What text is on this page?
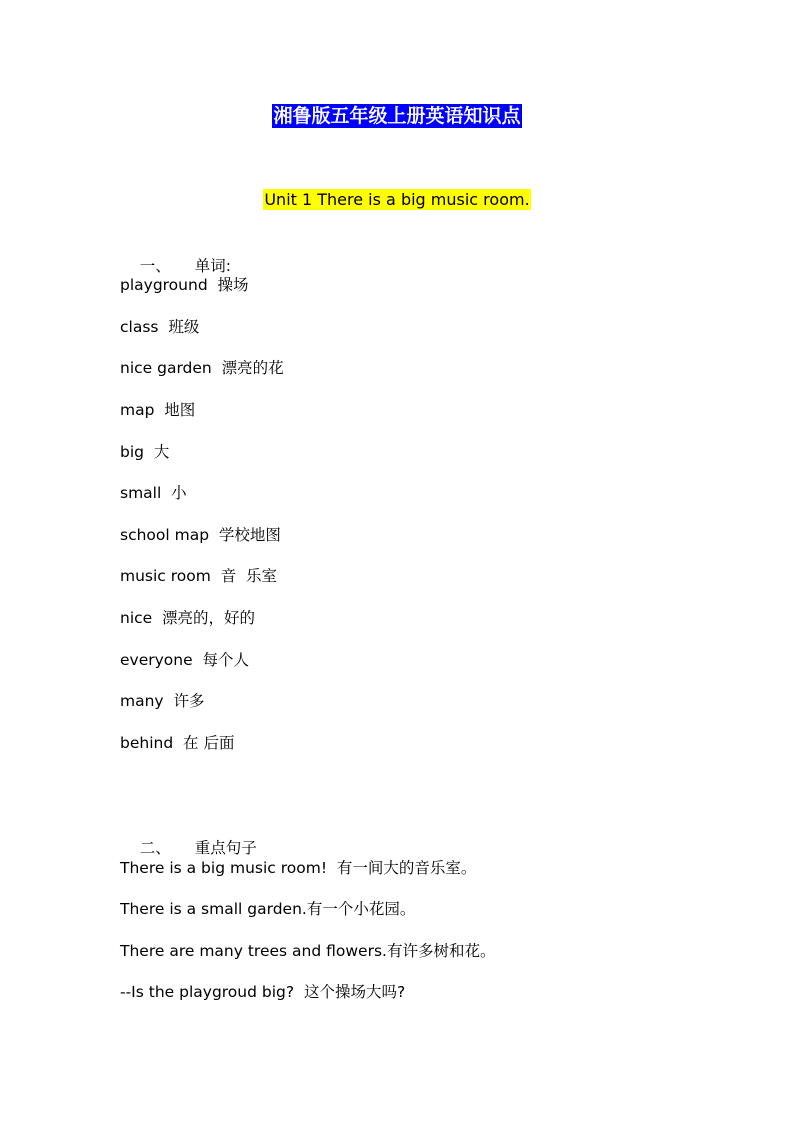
湘鲁版五年级上册英语知识点
Unit 1 There is a big music room.

一、 单词:

playground  操场
class  班级
nice garden  漂亮的花
map  地图
big  大
small  小
school map  学校地图
music room  音  乐室
nice  漂亮的，好的
everyone  每个人
many  许多
behind  在 后面

二、 重点句子

There is a big music room!  有一间大的音乐室。
There is a small garden.有一个小花园。
There are many trees and flowers.有许多树和花。
--Is the playgroud big?  这个操场大吗?
